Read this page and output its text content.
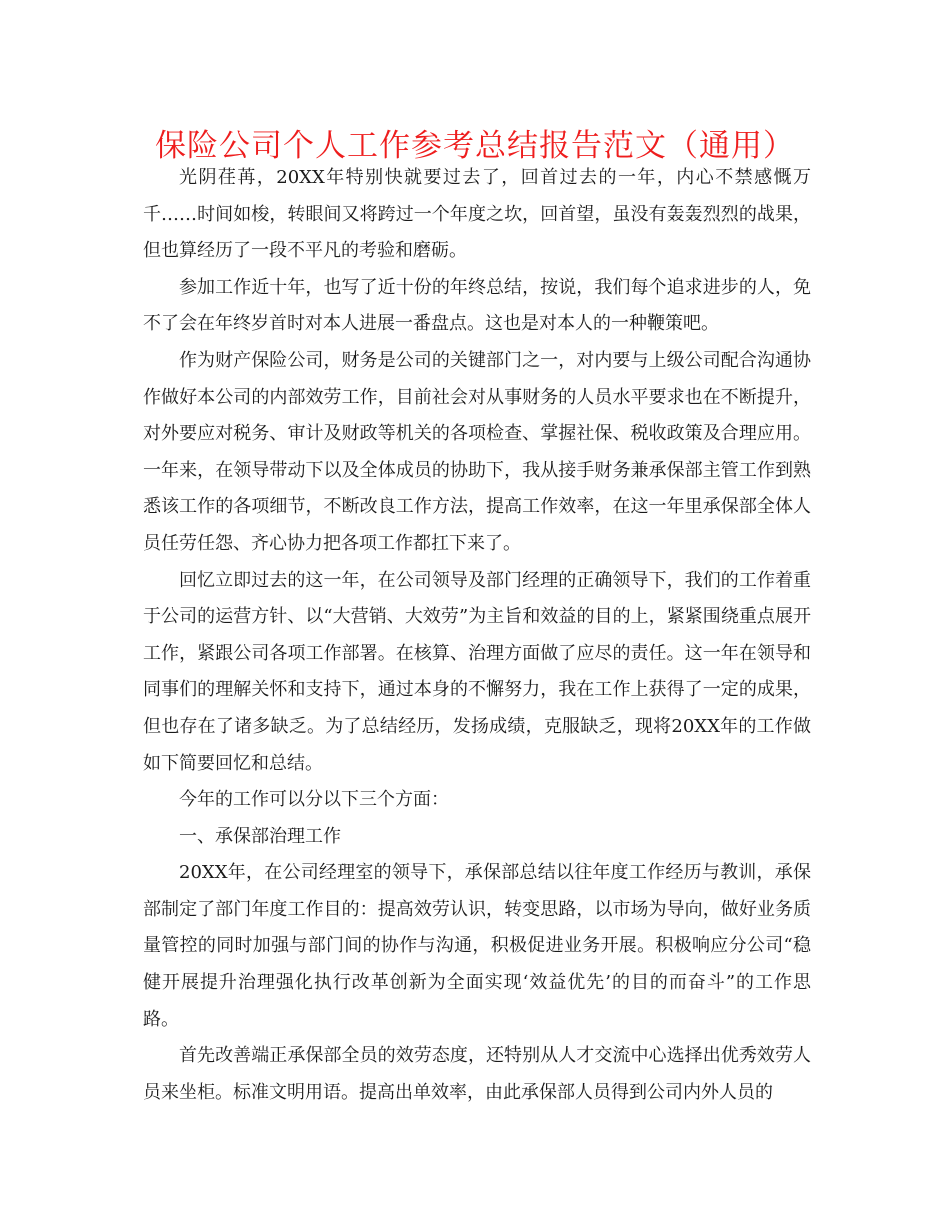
保险公司个人工作参考总结报告范文（通用）

光阴荏苒，20XX年特别快就要过去了，回首过去的一年，内心不禁感慨万千……时间如梭，转眼间又将跨过一个年度之坎，回首望，虽没有轰轰烈烈的战果，但也算经历了一段不平凡的考验和磨砺。

参加工作近十年，也写了近十份的年终总结，按说，我们每个追求进步的人，免不了会在年终岁首时对本人进展一番盘点。这也是对本人的一种鞭策吧。

作为财产保险公司，财务是公司的关键部门之一，对内要与上级公司配合沟通协作做好本公司的内部效劳工作，目前社会对从事财务的人员水平要求也在不断提升，对外要应对税务、审计及财政等机关的各项检查、掌握社保、税收政策及合理应用。一年来，在领导带动下以及全体成员的协助下，我从接手财务兼承保部主管工作到熟悉该工作的各项细节，不断改良工作方法，提高工作效率，在这一年里承保部全体人员任劳任怨、齐心协力把各项工作都扛下来了。

回忆立即过去的这一年，在公司领导及部门经理的正确领导下，我们的工作着重于公司的运营方针、以“大营销、大效劳”为主旨和效益的目的上，紧紧围绕重点展开工作，紧跟公司各项工作部署。在核算、治理方面做了应尽的责任。这一年在领导和同事们的理解关怀和支持下，通过本身的不懈努力，我在工作上获得了一定的成果，但也存在了诸多缺乏。为了总结经历，发扬成绩，克服缺乏，现将20XX年的工作做如下简要回忆和总结。

今年的工作可以分以下三个方面：

一、承保部治理工作

20XX年，在公司经理室的领导下，承保部总结以往年度工作经历与教训，承保部制定了部门年度工作目的：提高效劳认识，转变思路，以市场为导向，做好业务质量管控的同时加强与部门间的协作与沟通，积极促进业务开展。积极响应分公司“稳健开展提升治理强化执行改革创新为全面实现‘效益优先’的目的而奋斗”的工作思路。

首先改善端正承保部全员的效劳态度，还特别从人才交流中心选择出优秀效劳人员来坐柜。标准文明用语。提高出单效率，由此承保部人员得到公司内外人员的
